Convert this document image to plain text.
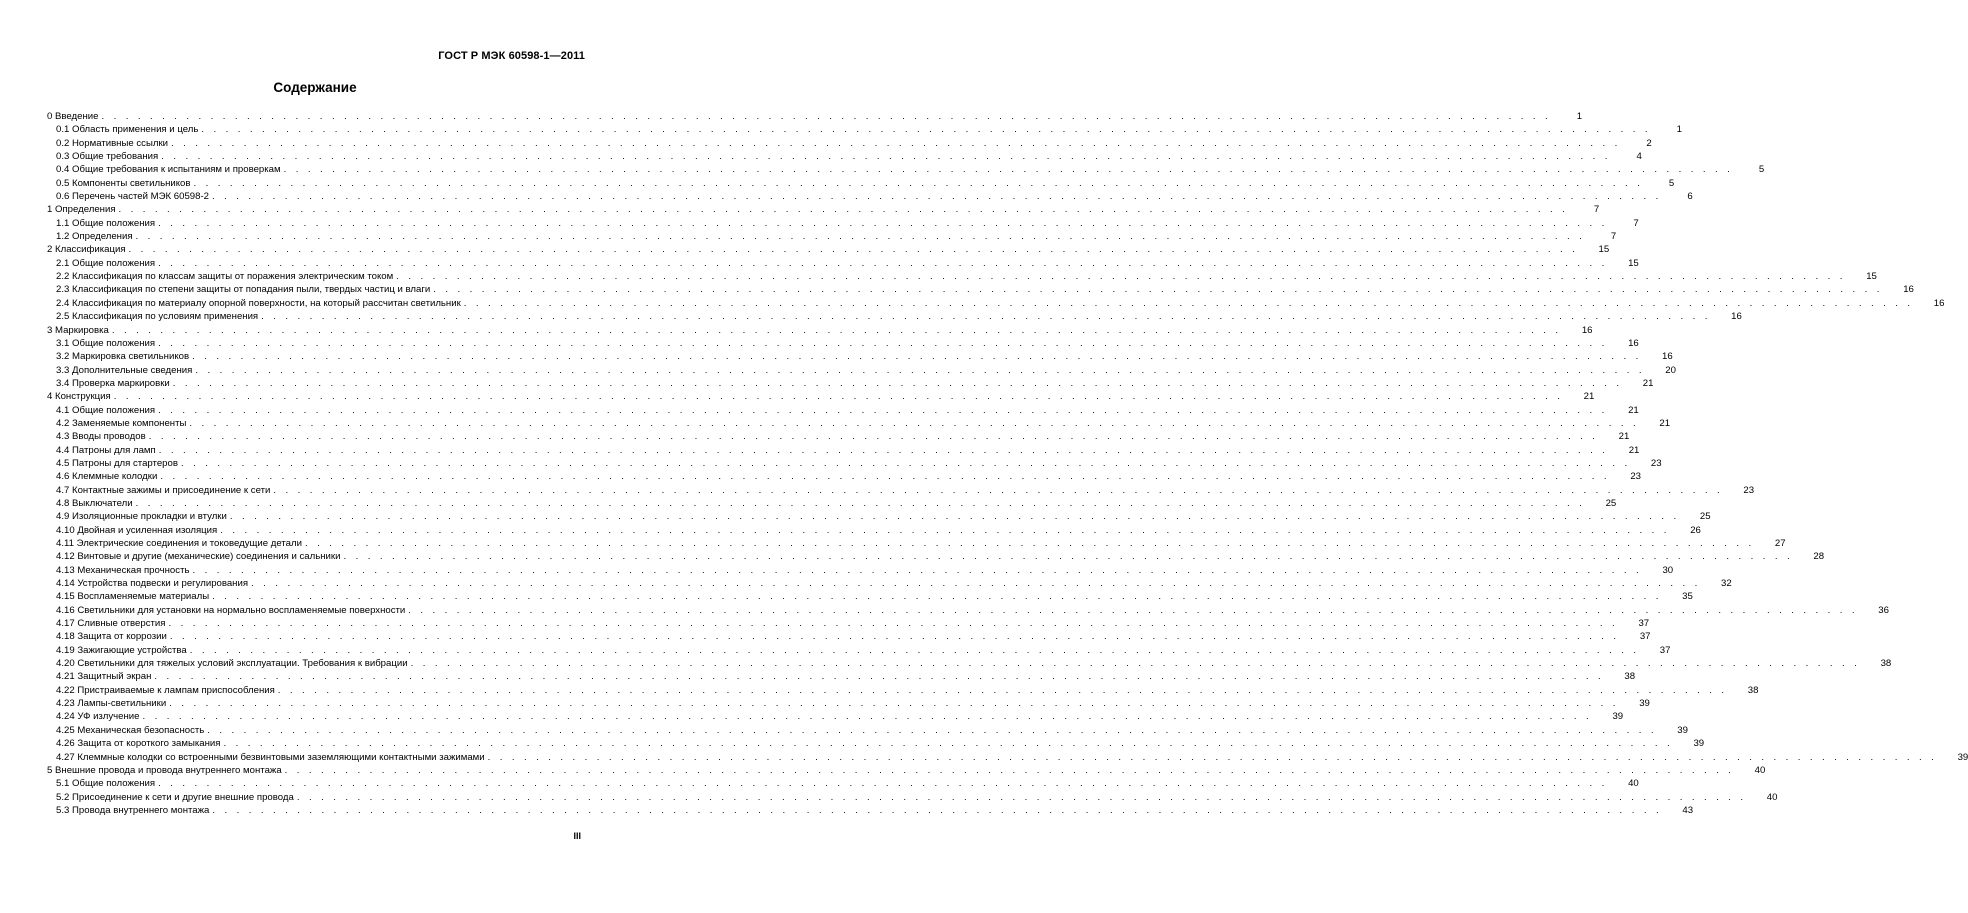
ГОСТ Р МЭК 60598-1—2011
Содержание
0 Введение . . . . . . . . . . . . . . . . . . . . . . . . . . . . . . . . . . . . . . . . . . . . . . . . . . . . . . . . . . . . . . . . . . . . . . . . . . . . . . . . . . . . . . . . . . . . . . . . . . . . . . . . . . . . . . . . . . . . . . . .	1
0.1 Область применения и цель . . . . . . . . . . . . . . . . . . . . . . . . . . . . . . . . . . . . . . . . . . . . . . . . . . . . . . . . . . . . . . . . . . . . . . . . . . . . . . . . . . . . . . . . . . . . . . . . . . . . . . . . . . . . . . . . . . . . . . . .	1
0.2 Нормативные ссылки . . . . . . . . . . . . . . . . . . . . . . . . . . . . . . . . . . . . . . . . . . . . . . . . . . . . . . . . . . . . . . . . . . . . . . . . . . . . . . . . . . . . . . . . . . . . . . . . . . . . . . . . . . . . . . . . . . . . . . . .	2
0.3 Общие требования . . . . . . . . . . . . . . . . . . . . . . . . . . . . . . . . . . . . . . . . . . . . . . . . . . . . . . . . . . . . . . . . . . . . . . . . . . . . . . . . . . . . . . . . . . . . . . . . . . . . . . . . . . . . . . . . . . . . . . . .	4
0.4 Общие требования к испытаниям и проверкам . . . . . . . . . . . . . . . . . . . . . . . . . . . . . . . . . . . . . . . . . . . . . . . . . . . . . . . . . . . . . . . . . . . . . . . . . . . . . . . . . . . . . . . . . . . . . . . . . . . . . . . . . . . . . . . . . . . . . . . .	5
0.5 Компоненты светильников . . . . . . . . . . . . . . . . . . . . . . . . . . . . . . . . . . . . . . . . . . . . . . . . . . . . . . . . . . . . . . . . . . . . . . . . . . . . . . . . . . . . . . . . . . . . . . . . . . . . . . . . . . . . . . . . . . . . . . . .	5
0.6 Перечень частей МЭК 60598-2 . . . . . . . . . . . . . . . . . . . . . . . . . . . . . . . . . . . . . . . . . . . . . . . . . . . . . . . . . . . . . . . . . . . . . . . . . . . . . . . . . . . . . . . . . . . . . . . . . . . . . . . . . . . . . . . . . . . . . . . .	6
1 Определения . . . . . . . . . . . . . . . . . . . . . . . . . . . . . . . . . . . . . . . . . . . . . . . . . . . . . . . . . . . . . . . . . . . . . . . . . . . . . . . . . . . . . . . . . . . . . . . . . . . . . . . . . . . . . . . . . . . . . . . .	7
1.1 Общие положения . . . . . . . . . . . . . . . . . . . . . . . . . . . . . . . . . . . . . . . . . . . . . . . . . . . . . . . . . . . . . . . . . . . . . . . . . . . . . . . . . . . . . . . . . . . . . . . . . . . . . . . . . . . . . . . . . . . . . . . .	7
1.2 Определения . . . . . . . . . . . . . . . . . . . . . . . . . . . . . . . . . . . . . . . . . . . . . . . . . . . . . . . . . . . . . . . . . . . . . . . . . . . . . . . . . . . . . . . . . . . . . . . . . . . . . . . . . . . . . . . . . . . . . . . .	7
2 Классификация . . . . . . . . . . . . . . . . . . . . . . . . . . . . . . . . . . . . . . . . . . . . . . . . . . . . . . . . . . . . . . . . . . . . . . . . . . . . . . . . . . . . . . . . . . . . . . . . . . . . . . . . . . . . . . . . . . . . . . . .	15
2.1 Общие положения . . . . . . . . . . . . . . . . . . . . . . . . . . . . . . . . . . . . . . . . . . . . . . . . . . . . . . . . . . . . . . . . . . . . . . . . . . . . . . . . . . . . . . . . . . . . . . . . . . . . . . . . . . . . . . . . . . . . . . . .	15
2.2 Классификация по классам защиты от поражения электрическим током . . . . . . . . . . . . . . . . . . . . . . . . . . . . . . . . . . . . . . . . . . . . . . . . . . . . . . . . . . . . . . . . . . . . . . . . . . . . . . . . . . . . . . . . . . . . . . . . . . . . . . . . . . . . . . . . . . . . . . . .	15
2.3 Классификация по степени защиты от попадания пыли, твердых частиц и влаги . . . . . . . . . . . . . . . . . . . . . . . . . . . . . . . . . . . . . . . . . . . . . . . . . . . . . . . . . . . . . . . . . . . . . . . . . . . . . . . . . . . . . . . . . . . . . . . . . . . . . . . . . . . . . . . . . . . . . . . .	16
2.4 Классификация по материалу опорной поверхности, на который рассчитан светильник . . . . . . . . . . . . . . . . . . . . . . . . . . . . . . . . . . . . . . . . . . . . . . . . . . . . . . . . . . . . . . . . . . . . . . . . . . . . . . . . . . . . . . . . . . . . . . . . . . . . . . . . . . . . . . . . . . . . . . . .	16
2.5 Классификация по условиям применения . . . . . . . . . . . . . . . . . . . . . . . . . . . . . . . . . . . . . . . . . . . . . . . . . . . . . . . . . . . . . . . . . . . . . . . . . . . . . . . . . . . . . . . . . . . . . . . . . . . . . . . . . . . . . . . . . . . . . . . .	16
3 Маркировка . . . . . . . . . . . . . . . . . . . . . . . . . . . . . . . . . . . . . . . . . . . . . . . . . . . . . . . . . . . . . . . . . . . . . . . . . . . . . . . . . . . . . . . . . . . . . . . . . . . . . . . . . . . . . . . . . . . . . . . .	16
3.1 Общие положения . . . . . . . . . . . . . . . . . . . . . . . . . . . . . . . . . . . . . . . . . . . . . . . . . . . . . . . . . . . . . . . . . . . . . . . . . . . . . . . . . . . . . . . . . . . . . . . . . . . . . . . . . . . . . . . . . . . . . . . .	16
3.2 Маркировка светильников . . . . . . . . . . . . . . . . . . . . . . . . . . . . . . . . . . . . . . . . . . . . . . . . . . . . . . . . . . . . . . . . . . . . . . . . . . . . . . . . . . . . . . . . . . . . . . . . . . . . . . . . . . . . . . . . . . . . . . . .	16
3.3 Дополнительные сведения . . . . . . . . . . . . . . . . . . . . . . . . . . . . . . . . . . . . . . . . . . . . . . . . . . . . . . . . . . . . . . . . . . . . . . . . . . . . . . . . . . . . . . . . . . . . . . . . . . . . . . . . . . . . . . . . . . . . . . . .	20
3.4 Проверка маркировки . . . . . . . . . . . . . . . . . . . . . . . . . . . . . . . . . . . . . . . . . . . . . . . . . . . . . . . . . . . . . . . . . . . . . . . . . . . . . . . . . . . . . . . . . . . . . . . . . . . . . . . . . . . . . . . . . . . . . . . .	21
4 Конструкция . . . . . . . . . . . . . . . . . . . . . . . . . . . . . . . . . . . . . . . . . . . . . . . . . . . . . . . . . . . . . . . . . . . . . . . . . . . . . . . . . . . . . . . . . . . . . . . . . . . . . . . . . . . . . . . . . . . . . . . .	21
4.1 Общие положения . . . . . . . . . . . . . . . . . . . . . . . . . . . . . . . . . . . . . . . . . . . . . . . . . . . . . . . . . . . . . . . . . . . . . . . . . . . . . . . . . . . . . . . . . . . . . . . . . . . . . . . . . . . . . . . . . . . . . . . .	21
4.2 Заменяемые компоненты . . . . . . . . . . . . . . . . . . . . . . . . . . . . . . . . . . . . . . . . . . . . . . . . . . . . . . . . . . . . . . . . . . . . . . . . . . . . . . . . . . . . . . . . . . . . . . . . . . . . . . . . . . . . . . . . . . . . . . . .	21
4.3 Вводы проводов . . . . . . . . . . . . . . . . . . . . . . . . . . . . . . . . . . . . . . . . . . . . . . . . . . . . . . . . . . . . . . . . . . . . . . . . . . . . . . . . . . . . . . . . . . . . . . . . . . . . . . . . . . . . . . . . . . . . . . . .	21
4.4 Патроны для ламп . . . . . . . . . . . . . . . . . . . . . . . . . . . . . . . . . . . . . . . . . . . . . . . . . . . . . . . . . . . . . . . . . . . . . . . . . . . . . . . . . . . . . . . . . . . . . . . . . . . . . . . . . . . . . . . . . . . . . . . .	21
4.5 Патроны для стартеров . . . . . . . . . . . . . . . . . . . . . . . . . . . . . . . . . . . . . . . . . . . . . . . . . . . . . . . . . . . . . . . . . . . . . . . . . . . . . . . . . . . . . . . . . . . . . . . . . . . . . . . . . . . . . . . . . . . . . . . .	23
4.6 Клеммные колодки . . . . . . . . . . . . . . . . . . . . . . . . . . . . . . . . . . . . . . . . . . . . . . . . . . . . . . . . . . . . . . . . . . . . . . . . . . . . . . . . . . . . . . . . . . . . . . . . . . . . . . . . . . . . . . . . . . . . . . . .	23
4.7 Контактные зажимы и присоединение к сети . . . . . . . . . . . . . . . . . . . . . . . . . . . . . . . . . . . . . . . . . . . . . . . . . . . . . . . . . . . . . . . . . . . . . . . . . . . . . . . . . . . . . . . . . . . . . . . . . . . . . . . . . . . . . . . . . . . . . . . .	23
4.8 Выключатели . . . . . . . . . . . . . . . . . . . . . . . . . . . . . . . . . . . . . . . . . . . . . . . . . . . . . . . . . . . . . . . . . . . . . . . . . . . . . . . . . . . . . . . . . . . . . . . . . . . . . . . . . . . . . . . . . . . . . . . .	25
4.9 Изоляционные прокладки и втулки . . . . . . . . . . . . . . . . . . . . . . . . . . . . . . . . . . . . . . . . . . . . . . . . . . . . . . . . . . . . . . . . . . . . . . . . . . . . . . . . . . . . . . . . . . . . . . . . . . . . . . . . . . . . . . . . . . . . . . . .	25
4.10 Двойная и усиленная изоляция . . . . . . . . . . . . . . . . . . . . . . . . . . . . . . . . . . . . . . . . . . . . . . . . . . . . . . . . . . . . . . . . . . . . . . . . . . . . . . . . . . . . . . . . . . . . . . . . . . . . . . . . . . . . . . . . . . . . . . . .	26
4.11 Электрические соединения и токоведущие детали . . . . . . . . . . . . . . . . . . . . . . . . . . . . . . . . . . . . . . . . . . . . . . . . . . . . . . . . . . . . . . . . . . . . . . . . . . . . . . . . . . . . . . . . . . . . . . . . . . . . . . . . . . . . . . . . . . . . . . . .	27
4.12 Винтовые и другие (механические) соединения и сальники . . . . . . . . . . . . . . . . . . . . . . . . . . . . . . . . . . . . . . . . . . . . . . . . . . . . . . . . . . . . . . . . . . . . . . . . . . . . . . . . . . . . . . . . . . . . . . . . . . . . . . . . . . . . . . . . . . . . . . . .	28
4.13 Механическая прочность . . . . . . . . . . . . . . . . . . . . . . . . . . . . . . . . . . . . . . . . . . . . . . . . . . . . . . . . . . . . . . . . . . . . . . . . . . . . . . . . . . . . . . . . . . . . . . . . . . . . . . . . . . . . . . . . . . . . . . . .	30
4.14 Устройства подвески и регулирования . . . . . . . . . . . . . . . . . . . . . . . . . . . . . . . . . . . . . . . . . . . . . . . . . . . . . . . . . . . . . . . . . . . . . . . . . . . . . . . . . . . . . . . . . . . . . . . . . . . . . . . . . . . . . . . . . . . . . . . .	32
4.15 Воспламеняемые материалы . . . . . . . . . . . . . . . . . . . . . . . . . . . . . . . . . . . . . . . . . . . . . . . . . . . . . . . . . . . . . . . . . . . . . . . . . . . . . . . . . . . . . . . . . . . . . . . . . . . . . . . . . . . . . . . . . . . . . . . .	35
4.16 Светильники для установки на нормально воспламеняемые поверхности . . . . . . . . . . . . . . . . . . . . . . . . . . . . . . . . . . . . . . . . . . . . . . . . . . . . . . . . . . . . . . . . . . . . . . . . . . . . . . . . . . . . . . . . . . . . . . . . . . . . . . . . . . . . . . . . . . . . . . . .	36
4.17 Сливные отверстия . . . . . . . . . . . . . . . . . . . . . . . . . . . . . . . . . . . . . . . . . . . . . . . . . . . . . . . . . . . . . . . . . . . . . . . . . . . . . . . . . . . . . . . . . . . . . . . . . . . . . . . . . . . . . . . . . . . . . . . .	37
4.18 Защита от коррозии . . . . . . . . . . . . . . . . . . . . . . . . . . . . . . . . . . . . . . . . . . . . . . . . . . . . . . . . . . . . . . . . . . . . . . . . . . . . . . . . . . . . . . . . . . . . . . . . . . . . . . . . . . . . . . . . . . . . . . . .	37
4.19 Зажигающие устройства . . . . . . . . . . . . . . . . . . . . . . . . . . . . . . . . . . . . . . . . . . . . . . . . . . . . . . . . . . . . . . . . . . . . . . . . . . . . . . . . . . . . . . . . . . . . . . . . . . . . . . . . . . . . . . . . . . . . . . . .	37
4.20 Светильники для тяжелых условий эксплуатации. Требования к вибрации . . . . . . . . . . . . . . . . . . . . . . . . . . . . . . . . . . . . . . . . . . . . . . . . . . . . . . . . . . . . . . . . . . . . . . . . . . . . . . . . . . . . . . . . . . . . . . . . . . . . . . . . . . . . . . . . . . . . . . . .	38
4.21 Защитный экран . . . . . . . . . . . . . . . . . . . . . . . . . . . . . . . . . . . . . . . . . . . . . . . . . . . . . . . . . . . . . . . . . . . . . . . . . . . . . . . . . . . . . . . . . . . . . . . . . . . . . . . . . . . . . . . . . . . . . . . .	38
4.22 Пристраиваемые к лампам приспособления . . . . . . . . . . . . . . . . . . . . . . . . . . . . . . . . . . . . . . . . . . . . . . . . . . . . . . . . . . . . . . . . . . . . . . . . . . . . . . . . . . . . . . . . . . . . . . . . . . . . . . . . . . . . . . . . . . . . . . . .	38
4.23 Лампы-светильники . . . . . . . . . . . . . . . . . . . . . . . . . . . . . . . . . . . . . . . . . . . . . . . . . . . . . . . . . . . . . . . . . . . . . . . . . . . . . . . . . . . . . . . . . . . . . . . . . . . . . . . . . . . . . . . . . . . . . . . .	39
4.24 УФ излучение . . . . . . . . . . . . . . . . . . . . . . . . . . . . . . . . . . . . . . . . . . . . . . . . . . . . . . . . . . . . . . . . . . . . . . . . . . . . . . . . . . . . . . . . . . . . . . . . . . . . . . . . . . . . . . . . . . . . . . . .	39
4.25 Механическая безопасность . . . . . . . . . . . . . . . . . . . . . . . . . . . . . . . . . . . . . . . . . . . . . . . . . . . . . . . . . . . . . . . . . . . . . . . . . . . . . . . . . . . . . . . . . . . . . . . . . . . . . . . . . . . . . . . . . . . . . . . .	39
4.26 Защита от короткого замыкания . . . . . . . . . . . . . . . . . . . . . . . . . . . . . . . . . . . . . . . . . . . . . . . . . . . . . . . . . . . . . . . . . . . . . . . . . . . . . . . . . . . . . . . . . . . . . . . . . . . . . . . . . . . . . . . . . . . . . . . .	39
4.27 Клеммные колодки со встроенными безвинтовыми заземляющими контактными зажимами . . . . . . . . . . . . . . . . . . . . . . . . . . . . . . . . . . . . . . . . . . . . . . . . . . . . . . . . . . . . . . . . . . . . . . . . . . . . . . . . . . . . . . . . . . . . . . . . . . . . . . . . . . . . . . . . . . . . . . . .	39
5 Внешние провода и провода внутреннего монтажа . . . . . . . . . . . . . . . . . . . . . . . . . . . . . . . . . . . . . . . . . . . . . . . . . . . . . . . . . . . . . . . . . . . . . . . . . . . . . . . . . . . . . . . . . . . . . . . . . . . . . . . . . . . . . . . . . . . . . . . .	40
5.1 Общие положения . . . . . . . . . . . . . . . . . . . . . . . . . . . . . . . . . . . . . . . . . . . . . . . . . . . . . . . . . . . . . . . . . . . . . . . . . . . . . . . . . . . . . . . . . . . . . . . . . . . . . . . . . . . . . . . . . . . . . . . .	40
5.2 Присоединение к сети и другие внешние провода . . . . . . . . . . . . . . . . . . . . . . . . . . . . . . . . . . . . . . . . . . . . . . . . . . . . . . . . . . . . . . . . . . . . . . . . . . . . . . . . . . . . . . . . . . . . . . . . . . . . . . . . . . . . . . . . . . . . . . . .	40
5.3 Провода внутреннего монтажа . . . . . . . . . . . . . . . . . . . . . . . . . . . . . . . . . . . . . . . . . . . . . . . . . . . . . . . . . . . . . . . . . . . . . . . . . . . . . . . . . . . . . . . . . . . . . . . . . . . . . . . . . . . . . . . . . . . . . . . .	43
III
